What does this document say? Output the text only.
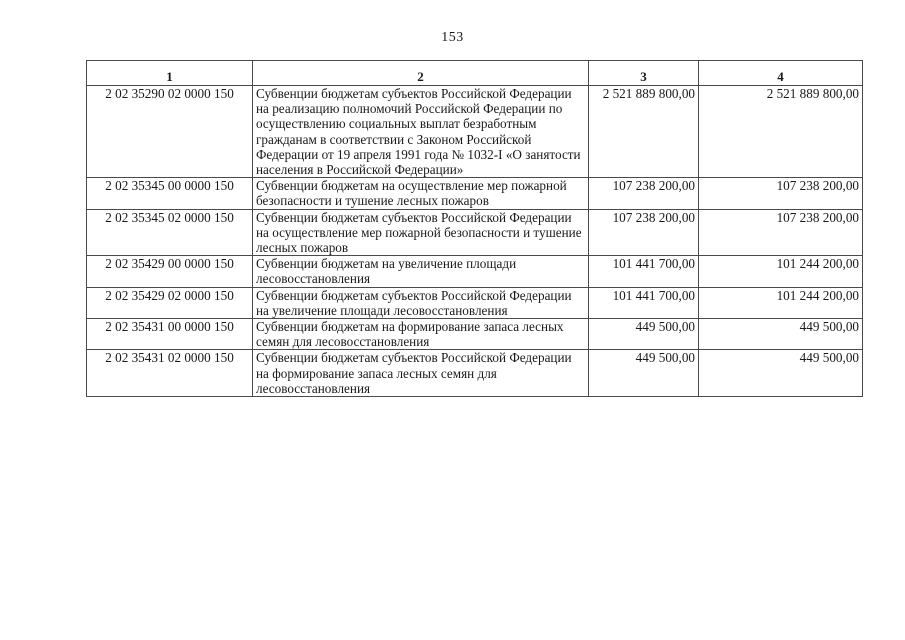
153
1	2	3	4
2 02 35290 02 0000 150	Субвенции бюджетам субъектов Российской Федерации на реализацию полномочий Российской Федерации по осуществлению социальных выплат безработным гражданам в соответствии с Законом Российской Федерации от 19 апреля 1991 года № 1032-I «О занятости населения в Российской Федерации»	2 521 889 800,00	2 521 889 800,00
2 02 35345 00 0000 150	Субвенции бюджетам на осуществление мер пожарной безопасности и тушение лесных пожаров	107 238 200,00	107 238 200,00
2 02 35345 02 0000 150	Субвенции бюджетам субъектов Российской Федерации на осуществление мер пожарной безопасности и тушение лесных пожаров	107 238 200,00	107 238 200,00
2 02 35429 00 0000 150	Субвенции бюджетам на увеличение площади лесовосстановления	101 441 700,00	101 244 200,00
2 02 35429 02 0000 150	Субвенции бюджетам субъектов Российской Федерации на увеличение площади лесовосстановления	101 441 700,00	101 244 200,00
2 02 35431 00 0000 150	Субвенции бюджетам на формирование запаса лесных семян для лесовосстановления	449 500,00	449 500,00
2 02 35431 02 0000 150	Субвенции бюджетам субъектов Российской Федерации на формирование запаса лесных семян для лесовосстановления	449 500,00	449 500,00
